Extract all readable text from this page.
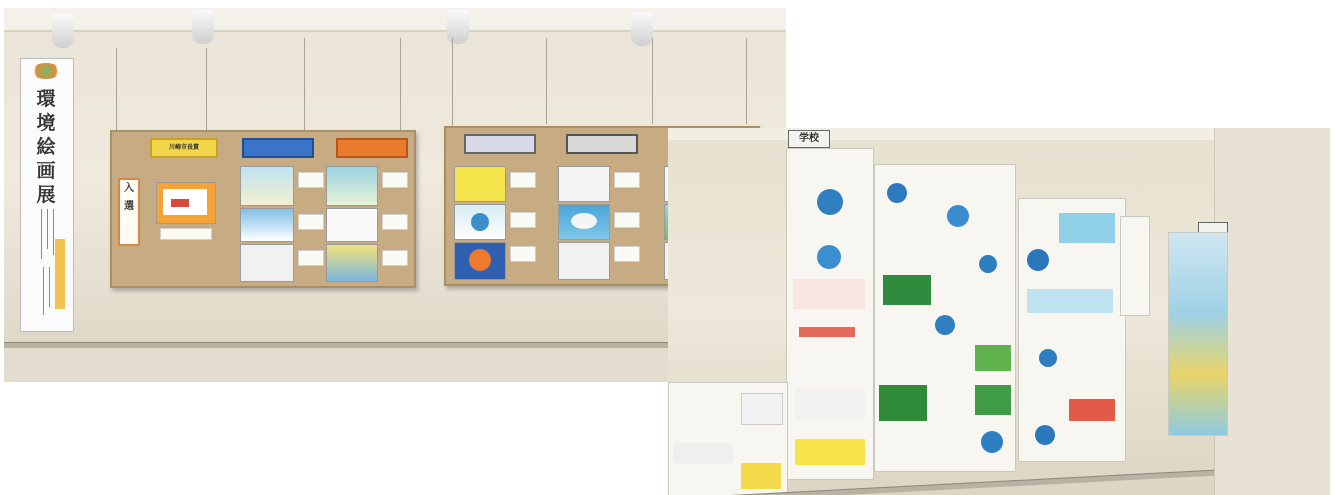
環境絵画展
川崎市長賞
入選
学校
